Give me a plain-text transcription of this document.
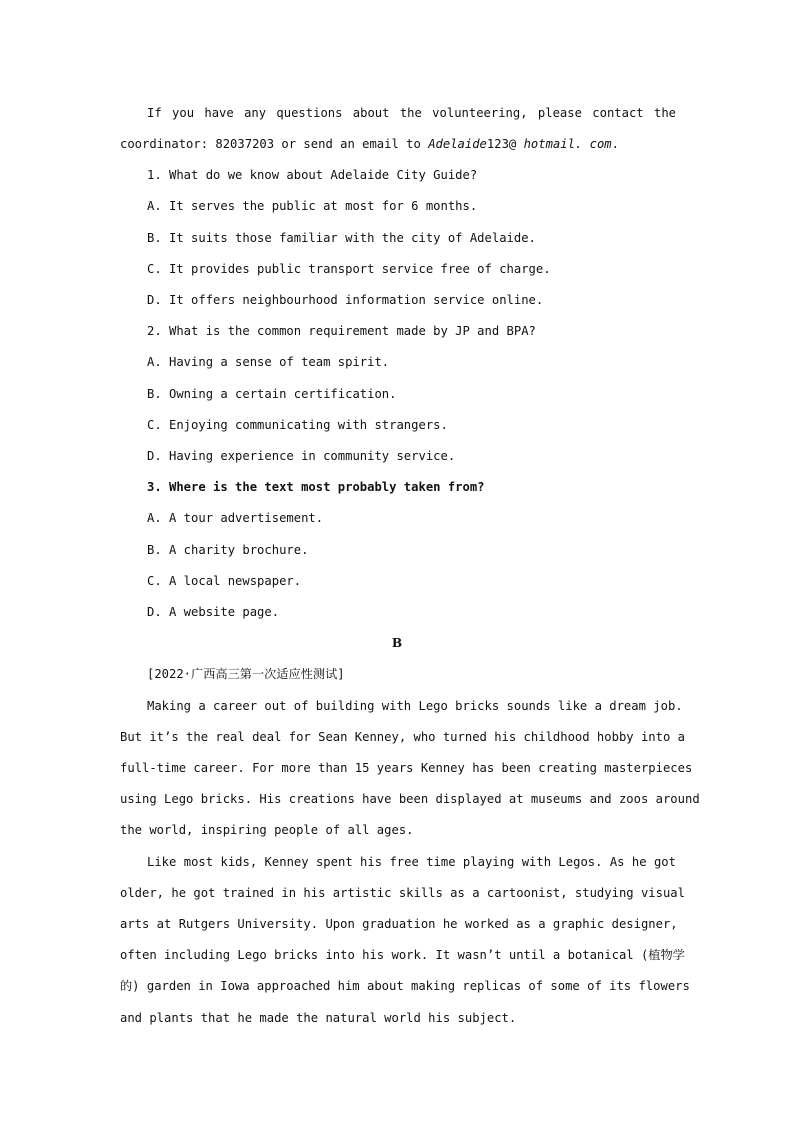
If you have any questions about the volunteering, please contact the
coordinator: 82037203 or send an email to Adelaide123@ hotmail. com.
1. What do we know about Adelaide City Guide?
A. It serves the public at most for 6 months.
B. It suits those familiar with the city of Adelaide.
C. It provides public transport service free of charge.
D. It offers neighbourhood information service online.
2. What is the common requirement made by JP and BPA?
A. Having a sense of team spirit.
B. Owning a certain certification.
C. Enjoying communicating with strangers.
D. Having experience in community service.
3. Where is the text most probably taken from?
A. A tour advertisement.
B. A charity brochure.
C. A local newspaper.
D. A website page.
B
[2022·广西高三第一次适应性测试]
Making a career out of building with Lego bricks sounds like a dream job.
But it’s the real deal for Sean Kenney, who turned his childhood hobby into a
full-time career. For more than 15 years Kenney has been creating masterpieces
using Lego bricks. His creations have been displayed at museums and zoos around
the world, inspiring people of all ages.
Like most kids, Kenney spent his free time playing with Legos. As he got
older, he got trained in his artistic skills as a cartoonist, studying visual
arts at Rutgers University. Upon graduation he worked as a graphic designer,
often including Lego bricks into his work. It wasn’t until a botanical (植物学
的) garden in Iowa approached him about making replicas of some of its flowers
and plants that he made the natural world his subject.
